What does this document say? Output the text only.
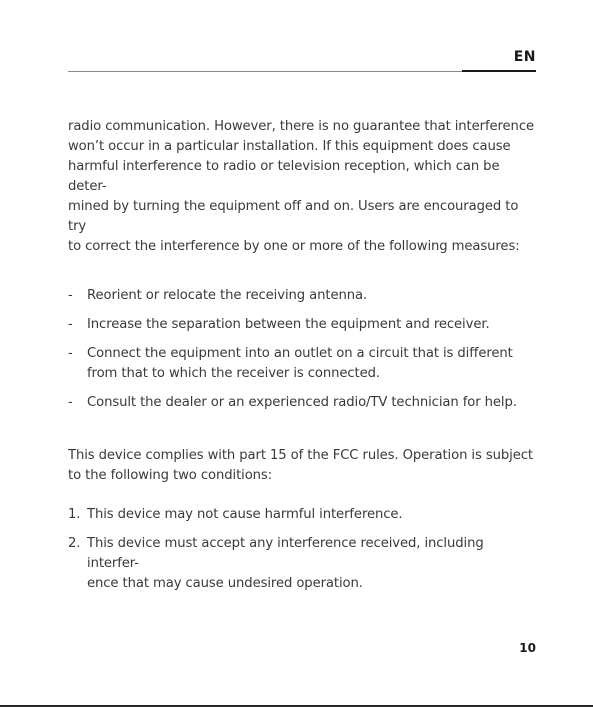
EN

radio communication. However, there is no guarantee that interference
won’t occur in a particular installation. If this equipment does cause
harmful interference to radio or television reception, which can be deter-
mined by turning the equipment off and on. Users are encouraged to try
to correct the interference by one or more of the following measures:

- Reorient or relocate the receiving antenna.
- Increase the separation between the equipment and receiver.
- Connect the equipment into an outlet on a circuit that is different
from that to which the receiver is connected.
- Consult the dealer or an experienced radio/TV technician for help.

This device complies with part 15 of the FCC rules. Operation is subject
to the following two conditions:

1. This device may not cause harmful interference.
2. This device must accept any interference received, including interfer-
ence that may cause undesired operation.
10
